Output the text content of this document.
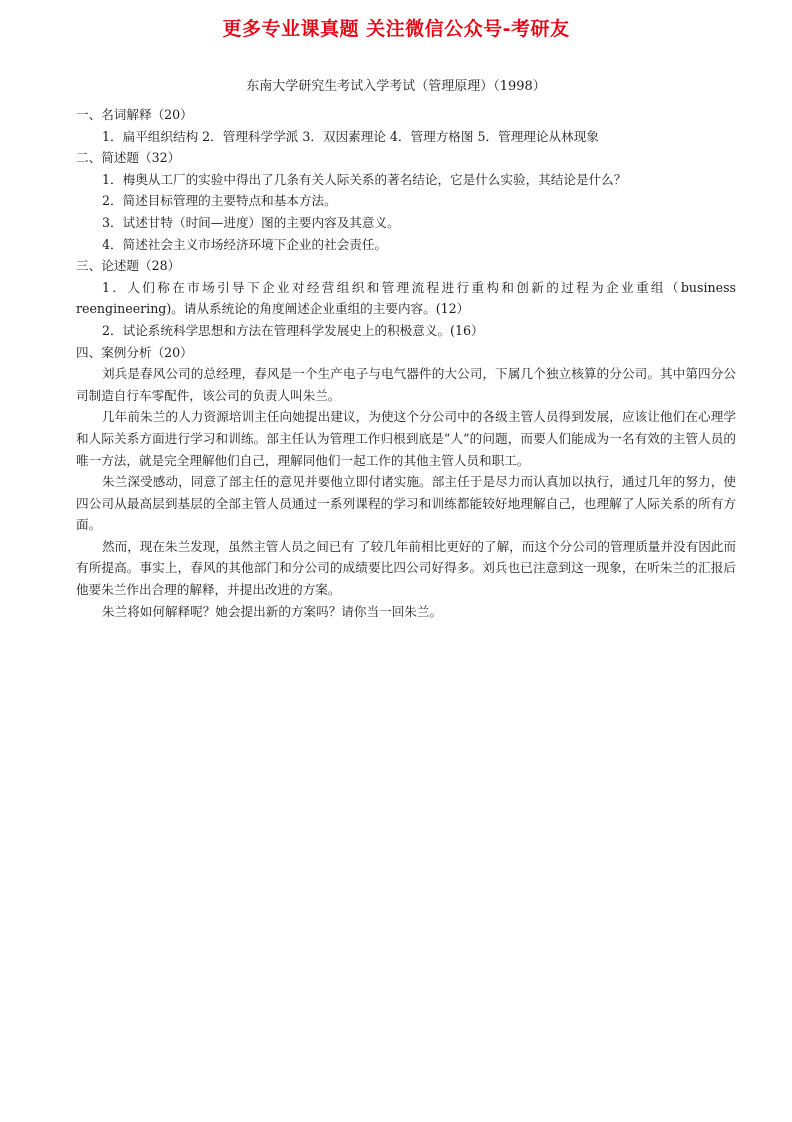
更多专业课真题 关注微信公众号-考研友
东南大学研究生考试入学考试（管理原理）（1998）

一、名词解释（20）

1．扁平组织结构 2．管理科学学派 3．双因素理论 4．管理方格图 5．管理理论从林现象

二、简述题（32）

1．梅奥从工厂的实验中得出了几条有关人际关系的著名结论，它是什么实验，其结论是什么？

2．简述目标管理的主要特点和基本方法。

3．试述甘特（时间—进度）图的主要内容及其意义。

4．简述社会主义市场经济环境下企业的社会责任。

三、论述题（28）

1．人们称在市场引导下企业对经营组织和管理流程进行重构和创新的过程为企业重组（business reengineering)。请从系统论的角度阐述企业重组的主要内容。(12）

2．试论系统科学思想和方法在管理科学发展史上的积极意义。(16）

四、案例分析（20）

刘兵是春风公司的总经理，春风是一个生产电子与电气器件的大公司，下属几个独立核算的分公司。其中第四分公司制造自行车零配件，该公司的负责人叫朱兰。

几年前朱兰的人力资源培训主任向她提出建议，为使这个分公司中的各级主管人员得到发展，应该让他们在心理学和人际关系方面进行学习和训练。部主任认为管理工作归根到底是“人”的问题，而要人们能成为一名有效的主管人员的唯一方法，就是完全理解他们自己，理解同他们一起工作的其他主管人员和职工。

朱兰深受感动，同意了部主任的意见并要他立即付诸实施。部主任于是尽力而认真加以执行，通过几年的努力，使四公司从最高层到基层的全部主管人员通过一系列课程的学习和训练都能较好地理解自己，也理解了人际关系的所有方面。

然而，现在朱兰发现，虽然主管人员之间已有 了较几年前相比更好的了解，而这个分公司的管理质量并没有因此而有所提高。事实上，春风的其他部门和分公司的成绩要比四公司好得多。刘兵也已注意到这一现象，在听朱兰的汇报后他要朱兰作出合理的解释，并提出改进的方案。

朱兰将如何解释呢？她会提出新的方案吗？请你当一回朱兰。
